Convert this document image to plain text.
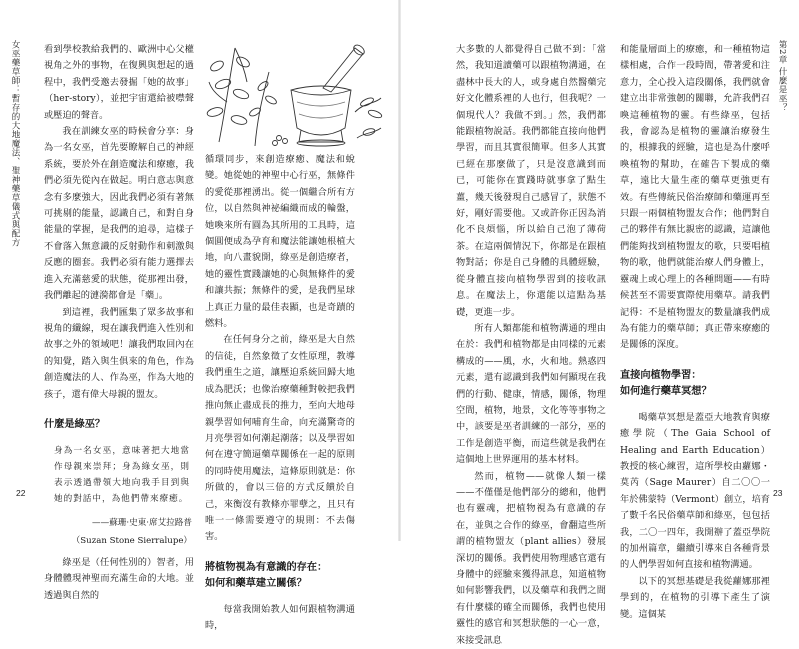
女巫藥草師：暫存的大地魔法、聖神藥草儀式與配方
22

看到學校教給我們的、歐洲中心父權視角之外的事物，在復興與想起的過程中，我們受邀去發掘「她的故事」（her-story），並把宇宙還給被噤聲或壓迫的聲音。

我在訓練女巫的時候會分享：身為一名女巫，首先要瞭解自己的神經系統，要於外在創造魔法和療癒，我們必須先從內在做起。明白意志與意念有多麼強大，因此我們必須有著無可挑剔的能量，認識自己，和對自身能量的掌握，是我們的追尋，這樣子不會落入無意識的反射動作和刺激與反應的圈套。我們必須有能力選擇去進入充滿慈愛的狀態，從那裡出發，我們離起的漣漪都會是「藥」。

到這裡，我們匯集了眾多故事和視角的纖線，現在讓我們進入性別和故事之外的領域吧！讓我們取回內在的知覺，踏入與生俱來的角色，作為創造魔法的人、作為巫，作為大地的孩子，還有偉大母親的盟友。

什麼是綠巫？
身為一名女巫，意味著把大地當作母親來崇拜；身為綠女巫，則表示透過帶領大地向我手目到與她的對話中，為他們帶來療癒。
——蘇珊·史東·席艾拉路普
（Suzan Stone Sierralupe）

綠巫是（任何性別的）智者，用身體體現神聖而充滿生命的大地。並透過與自然的

循環同步，來創造療癒、魔法和蛻變。她從她的神聖中心行巫，無條件的愛從那裡湧出。從一個繼合所有方位，以自然與神祕編織而成的輪盤，她喚來所有圓為其所用的工具時，這個圓便成為孕育和魔法能讓她根植大地，向八畫貌開，綠巫是創造療者，她的靈性實踐讓她的心與無條件的愛和讓共振；無條件的愛，是我們星球上真正力量的最佳表顯，也是奇蹟的燃料。

在任何身分之前，綠巫是大自然的信徒，自然象徵了女性原理，教導我們重生之道，讓壓迫系統回歸大地成為肥沃；也像治療藥種對較把我們推向無止盡成長的推力，至向大地母親學習如何哺育生命，向充滿驚奇的月亮學習如何潮起潮落；以及學習如何在遵守簡逼藥草關係在一起的原則的同時使用魔法，這條原則就是：你所做的，會以三倍的方式反饋於自己，來衡沒有教條亦罪孽之，且只有唯一一條需要遵守的規則：不去傷害。

將植物視為有意識的存在：
如何和藥草建立關係？

每當我開始教人如何跟植物溝通時，

第2章 什麼是巫？
23

大多數的人都覺得自己做不到：「當然，我知道讀藥可以跟植物溝通，在盡林中長大的人，或身處自然醫藥完好文化體系裡的人也行，但我呢？一個現代人？我做不到。」然，我們都能跟植物說話。我們都能直接向他們學習，而且其實很簡單。但多人其實已經在那麼做了，只是沒意識到而已，可能你在實踐時就事拿了點生薑，幾天後發現自己感冒了，狀態不好，剛好需要他。又或許你正因為消化不良煩惱，所以給自己泡了薄荷茶。在這兩個情況下，你都是在跟植物對話；你是自己身體的具體經驗，從身體直接向植物學習到的接收訊息。在魔法上，你還能以這點為基礎，更進一步。

所有人類都能和植物溝通的理由在於：我們和植物都是由同樣的元素構成的——風，水，火和地。熱惑四元素，還有認識到我們如何顯現在我們的行動、健康，情感，關係，物理空間，植物，地景，文化等等事物之中，該要是巫者訓練的一部分，巫的工作是創造平衡，而這些就是我們在這個地上世界運用的基本材料。

然而，植物——就像人類一樣——不僅僅是他們部分的總和，他們也有靈魂，把植物視為有意識的存在，並與之合作的綠巫，會翻這些所謂的植物盟友（plant allies）發展深切的關係。我們使用物理感官還有身體中的經驗來獲得訊息，知道植物如何影響我們，以及藥草和我們之間有什麼樣的確全而關係，我們也使用靈性的感官和冥想狀態的一心一意，來接受訊息

和能量層面上的療癒，和一種植物這樣相處，合作一段時間，帶著愛和注意力，全心投入這段關係，我們就會建立出非常強韌的關聯，允許我們召喚這種植物的靈。有些綠巫，包括我，會認為是植物的靈讓治療發生的，根據我的經驗，這也是為什麼呼喚植物的幫助，在確告下製成的藥草，遠比大量生產的藥草更強更有效。有些傳統民俗治療師和藥運再至只跟一兩個植物盟友合作；他們對自己的夥伴有無比親密的認識，這讓他們能夠找到植物盟友的歌，只要唱植物的歌，他們就能治療人們身體上，靈魂上或心理上的各種問題——有時候甚至不需要實際使用藥草。請我們記得：不是植物盟友的數量讓我們成為有能力的藥草師；真正帶來療癒的是關係的深度。

直接向植物學習：
如何進行藥草冥想？

喝藥草冥想是蓋亞大地教育與療癒學院（The Gaia School of Healing and Earth Education）教授的核心練習，這所學校由蘿娜・莫芮（Sage Maurer）自二〇〇一年於佛蒙特（Vermont）創立，培育了數千名民俗藥草師和綠巫，包包括我，二〇一四年，我開辦了蓋亞學院的加州篇章，繼續引導來自各種背景的人們學習如何直接和植物溝通。

以下的冥想基礎是我從蘿娜那裡學到的，在植物的引導下產生了演變。這個某
